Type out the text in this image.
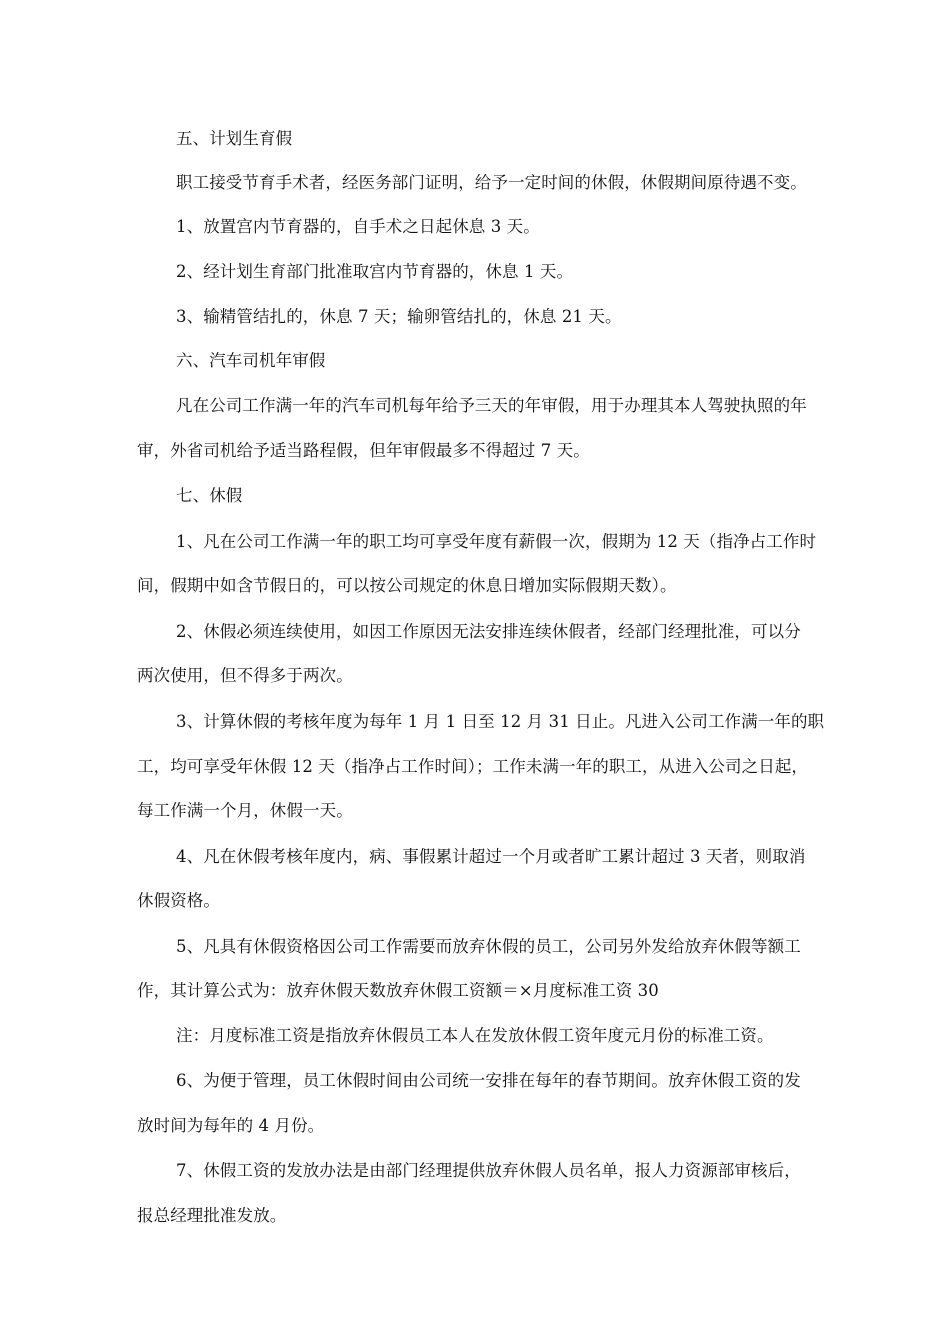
五、计划生育假
职工接受节育手术者，经医务部门证明，给予一定时间的休假，休假期间原待遇不变。
1、放置宫内节育器的，自手术之日起休息 3 天。
2、经计划生育部门批准取宫内节育器的，休息 1 天。
3、输精管结扎的，休息 7 天；输卵管结扎的，休息 21 天。
六、汽车司机年审假
凡在公司工作满一年的汽车司机每年给予三天的年审假，用于办理其本人驾驶执照的年
审，外省司机给予适当路程假，但年审假最多不得超过 7 天。
七、休假
1、凡在公司工作满一年的职工均可享受年度有薪假一次，假期为 12 天（指净占工作时
间，假期中如含节假日的，可以按公司规定的休息日增加实际假期天数）。
2、休假必须连续使用，如因工作原因无法安排连续休假者，经部门经理批准，可以分
两次使用，但不得多于两次。
3、计算休假的考核年度为每年 1 月 1 日至 12 月 31 日止。凡进入公司工作满一年的职
工，均可享受年休假 12 天（指净占工作时间）；工作未满一年的职工，从进入公司之日起，
每工作满一个月，休假一天。
4、凡在休假考核年度内，病、事假累计超过一个月或者旷工累计超过 3 天者，则取消
休假资格。
5、凡具有休假资格因公司工作需要而放弃休假的员工，公司另外发给放弃休假等额工
作，其计算公式为：放弃休假天数放弃休假工资额＝×月度标准工资 30
注：月度标准工资是指放弃休假员工本人在发放休假工资年度元月份的标准工资。
6、为便于管理，员工休假时间由公司统一安排在每年的春节期间。放弃休假工资的发
放时间为每年的 4 月份。
7、休假工资的发放办法是由部门经理提供放弃休假人员名单，报人力资源部审核后，
报总经理批准发放。
